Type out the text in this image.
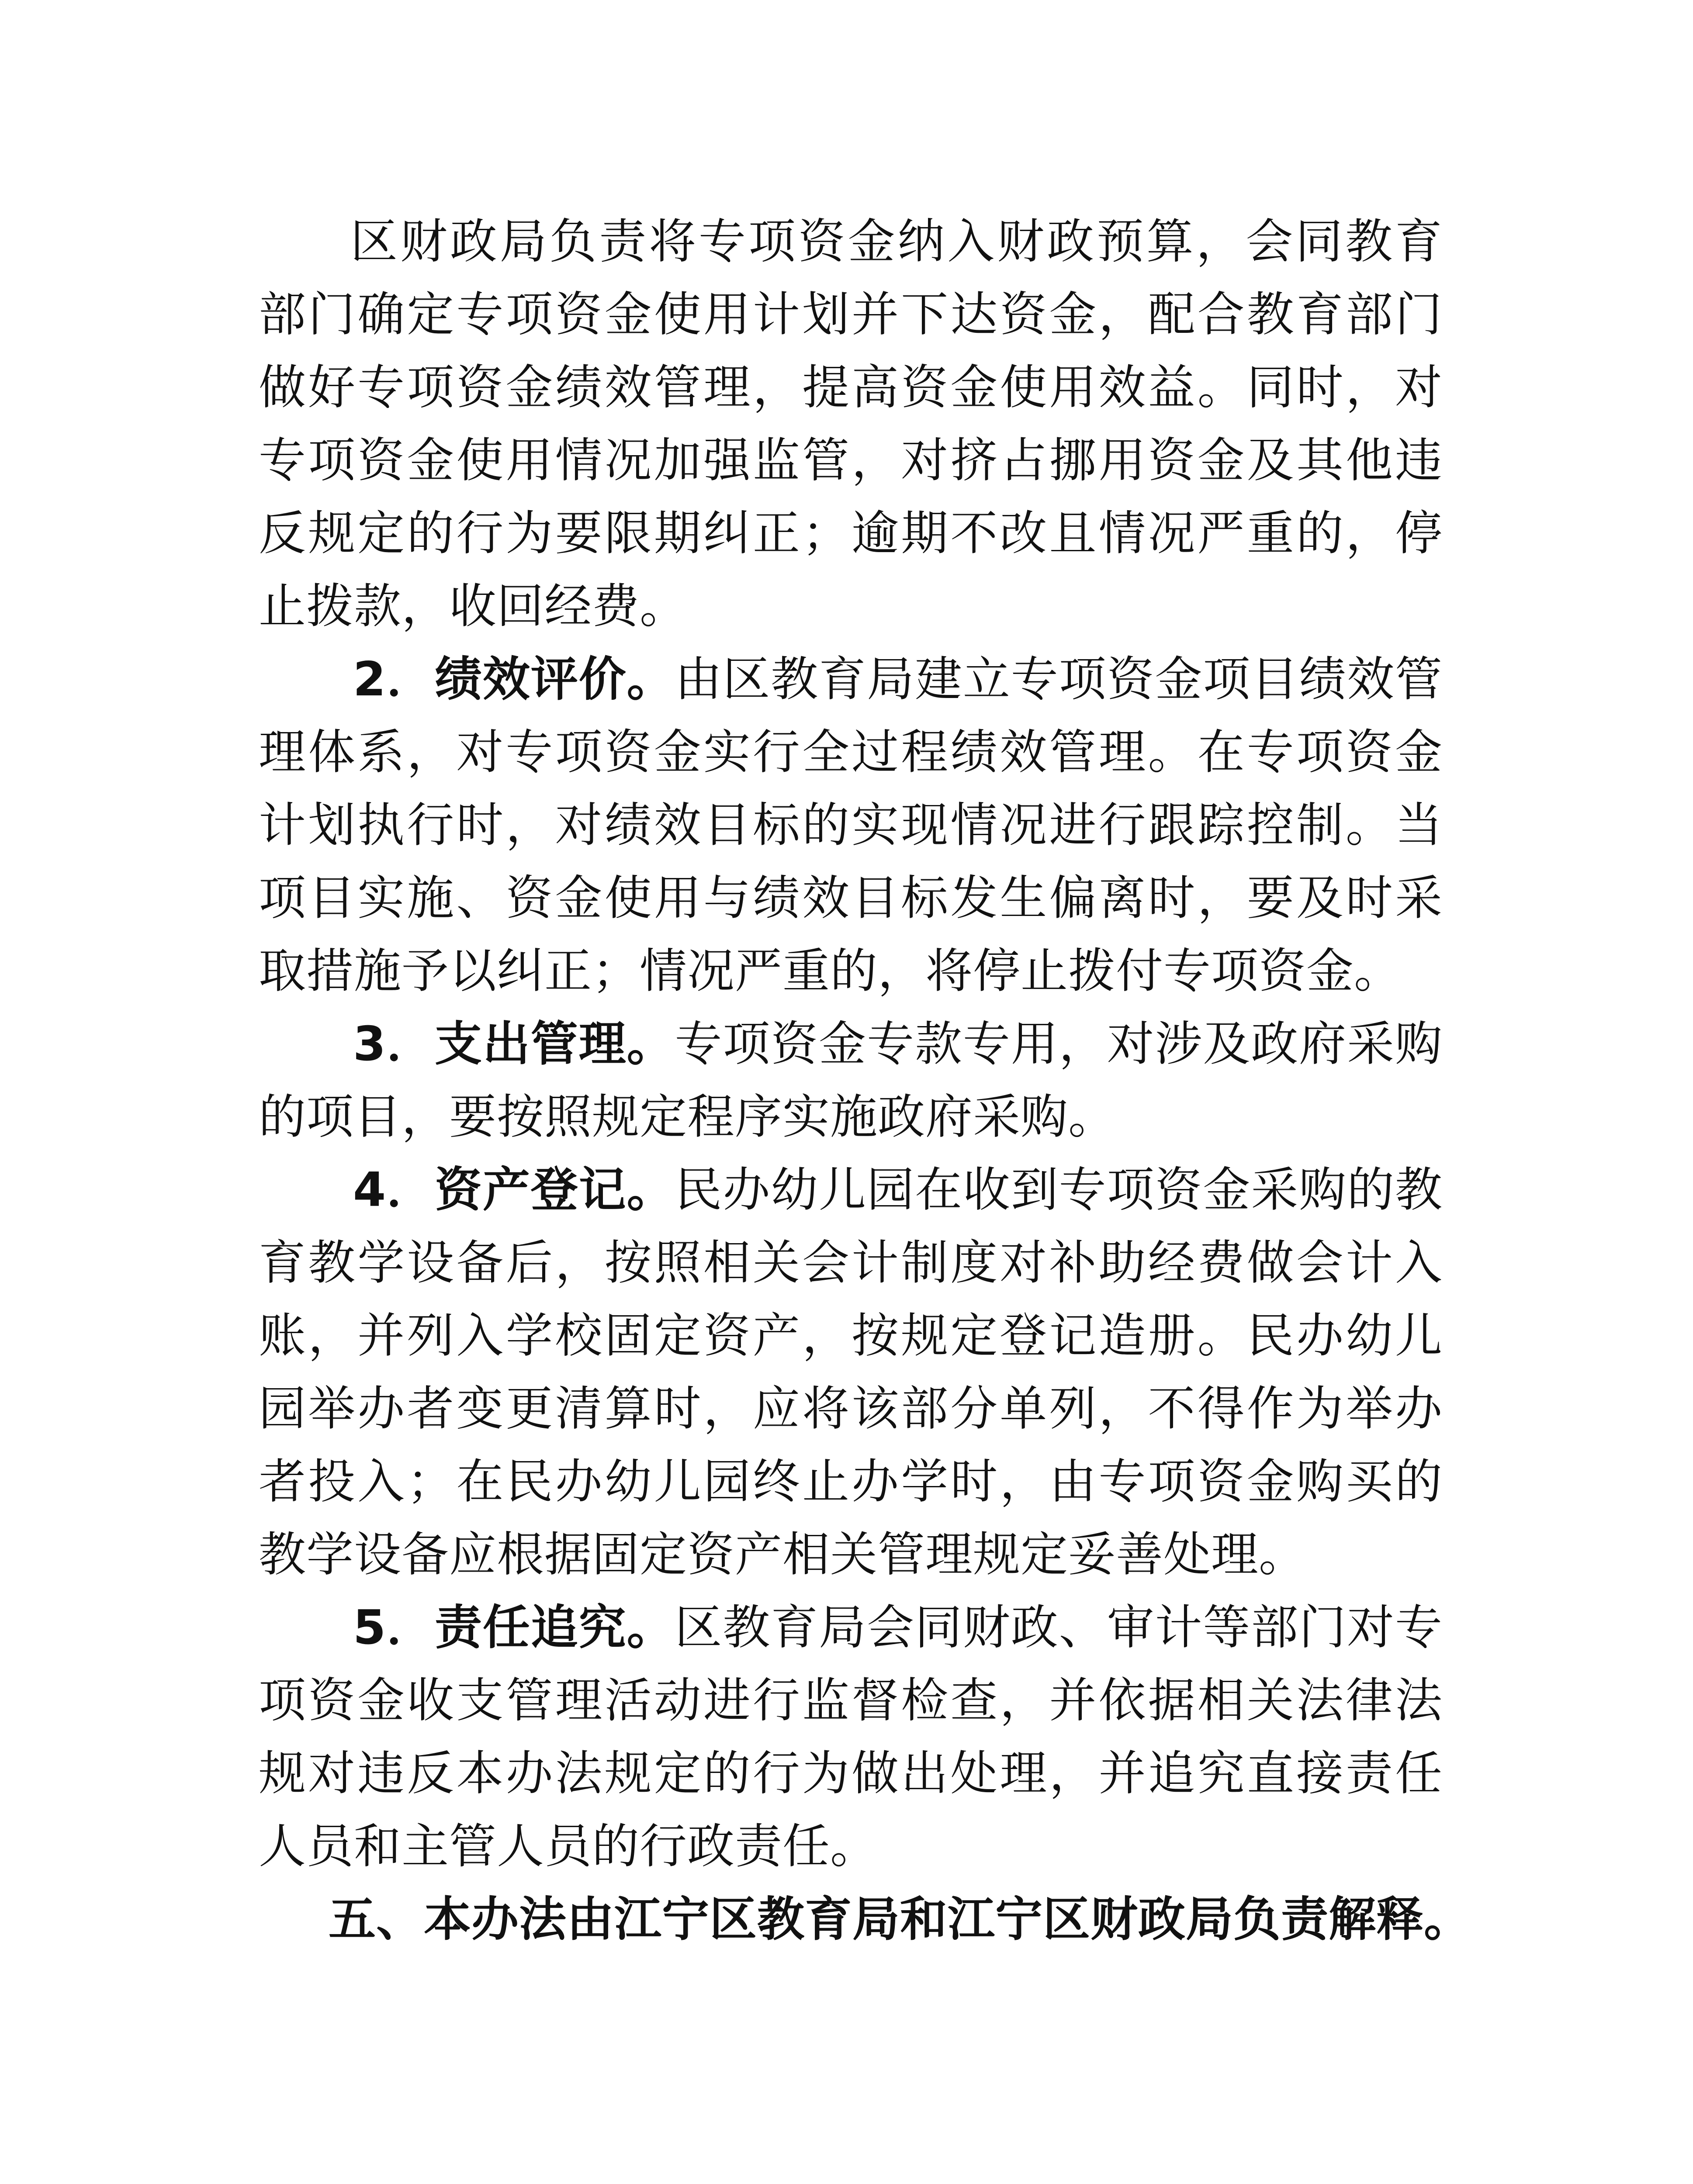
区财政局负责将专项资金纳入财政预算，会同教育部门确定专项资金使用计划并下达资金，配合教育部门做好专项资金绩效管理，提高资金使用效益。同时，对专项资金使用情况加强监管，对挤占挪用资金及其他违反规定的行为要限期纠正；逾期不改且情况严重的，停止拨款，收回经费。

2．绩效评价。由区教育局建立专项资金项目绩效管理体系，对专项资金实行全过程绩效管理。在专项资金计划执行时，对绩效目标的实现情况进行跟踪控制。当项目实施、资金使用与绩效目标发生偏离时，要及时采取措施予以纠正；情况严重的，将停止拨付专项资金。

3．支出管理。专项资金专款专用，对涉及政府采购的项目，要按照规定程序实施政府采购。

4．资产登记。民办幼儿园在收到专项资金采购的教育教学设备后，按照相关会计制度对补助经费做会计入账，并列入学校固定资产，按规定登记造册。民办幼儿园举办者变更清算时，应将该部分单列，不得作为举办者投入；在民办幼儿园终止办学时，由专项资金购买的教学设备应根据固定资产相关管理规定妥善处理。

5．责任追究。区教育局会同财政、审计等部门对专项资金收支管理活动进行监督检查，并依据相关法律法规对违反本办法规定的行为做出处理，并追究直接责任人员和主管人员的行政责任。

五、本办法由江宁区教育局和江宁区财政局负责解释。
